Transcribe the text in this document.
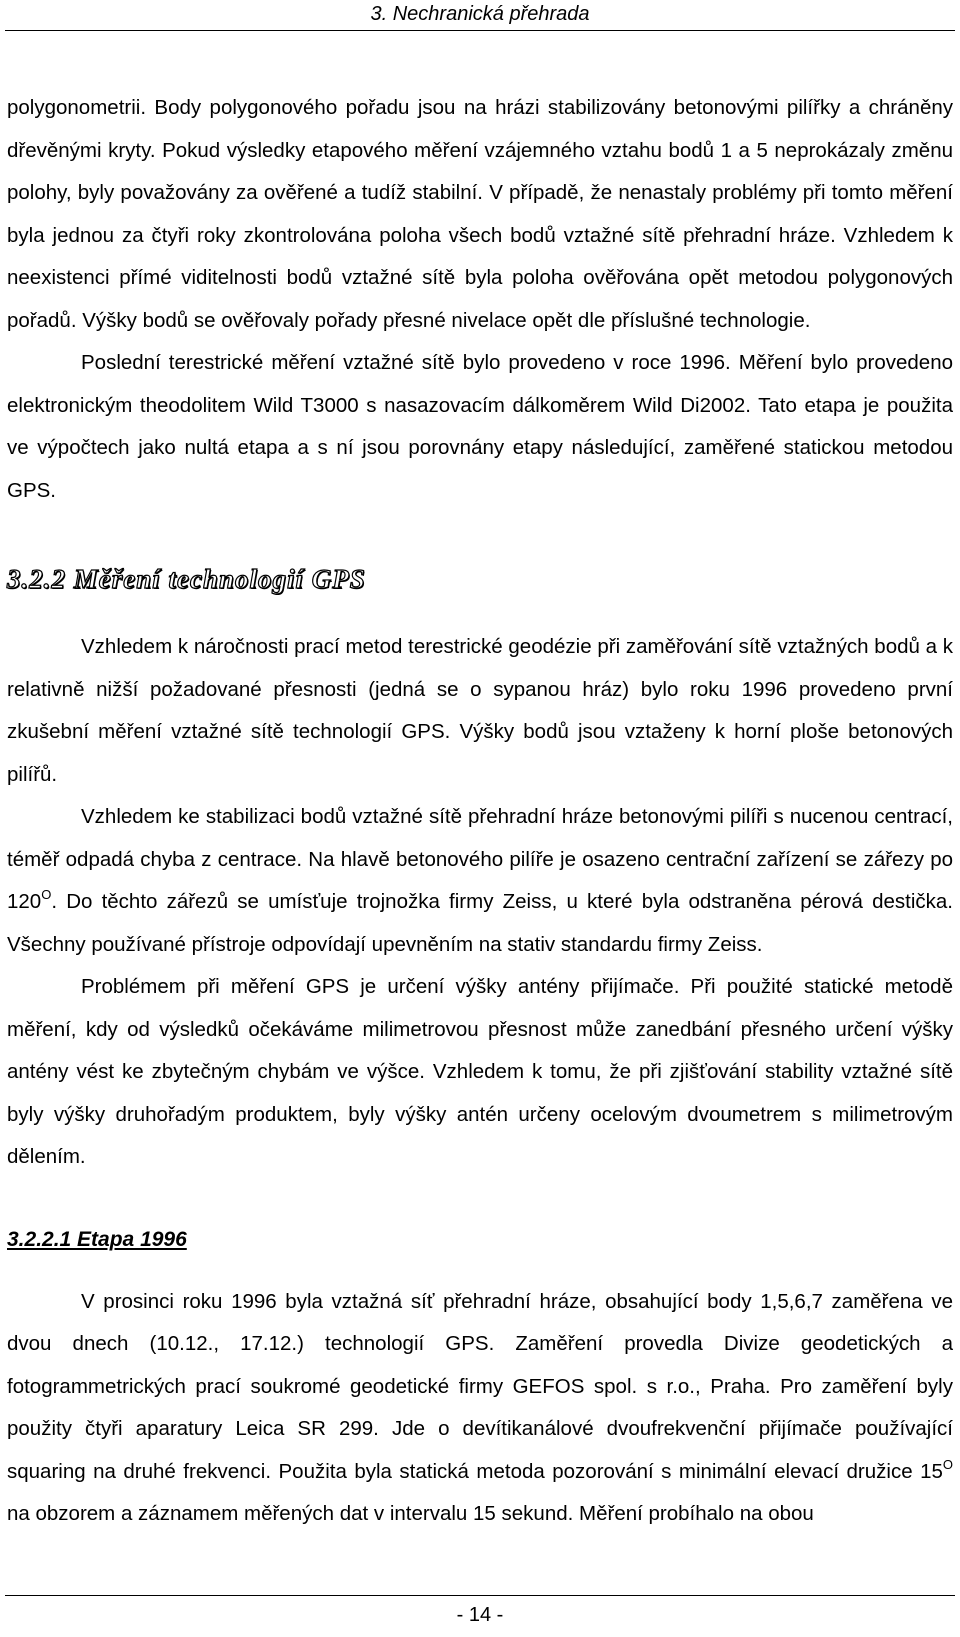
3. Nechranická přehrada

polygonometrii. Body polygonového pořadu jsou na hrázi stabilizovány betonovými pilířky a chráněny dřevěnými kryty. Pokud výsledky etapového měření vzájemného vztahu bodů 1 a 5 neprokázaly změnu polohy, byly považovány za ověřené a tudíž stabilní. V případě, že nenastaly problémy při tomto měření byla jednou za čtyři roky zkontrolována poloha všech bodů vztažné sítě přehradní hráze. Vzhledem k neexistenci přímé viditelnosti bodů vztažné sítě byla poloha ověřována opět metodou polygonových pořadů. Výšky bodů se ověřovaly pořady přesné nivelace opět dle příslušné technologie.

Poslední terestrické měření vztažné sítě bylo provedeno v roce 1996. Měření bylo provedeno elektronickým theodolitem Wild T3000 s nasazovacím dálkoměrem Wild Di2002. Tato etapa je použita ve výpočtech jako nultá etapa a s ní jsou porovnány etapy následující, zaměřené statickou metodou GPS.

3.2.2 Měření technologií GPS

Vzhledem k náročnosti prací metod terestrické geodézie při zaměřování sítě vztažných bodů a k relativně nižší požadované přesnosti (jedná se o sypanou hráz) bylo roku 1996 provedeno první zkušební měření vztažné sítě technologií GPS. Výšky bodů jsou vztaženy k horní ploše betonových pilířů.

Vzhledem ke stabilizaci bodů vztažné sítě přehradní hráze betonovými pilíři s nucenou centrací, téměř odpadá chyba z centrace. Na hlavě betonového pilíře je osazeno centrační zařízení se zářezy po $120^O$. Do těchto zářezů se umísťuje trojnožka firmy Zeiss, u které byla odstraněna pérová destička. Všechny používané přístroje odpovídají upevněním na stativ standardu firmy Zeiss.

Problémem při měření GPS je určení výšky antény přijímače. Při použité statické metodě měření, kdy od výsledků očekáváme milimetrovou přesnost může zanedbání přesného určení výšky antény vést ke zbytečným chybám ve výšce. Vzhledem k tomu, že při zjišťování stability vztažné sítě byly výšky druhořadým produktem, byly výšky antén určeny ocelovým dvoumetrem s milimetrovým dělením.

3.2.2.1 Etapa 1996

V prosinci roku 1996 byla vztažná síť přehradní hráze, obsahující body 1,5,6,7 zaměřena ve dvou dnech (10.12., 17.12.) technologií GPS. Zaměření provedla Divize geodetických a fotogrammetrických prací soukromé geodetické firmy GEFOS spol. s r.o., Praha. Pro zaměření byly použity čtyři aparatury Leica SR 299. Jde o devítikanálové dvoufrekvenční přijímače používající squaring na druhé frekvenci. Použita byla statická metoda pozorování s minimální elevací družice $15^O$ na obzorem a záznamem měřených dat v intervalu 15 sekund. Měření probíhalo na obou

- 14 -
